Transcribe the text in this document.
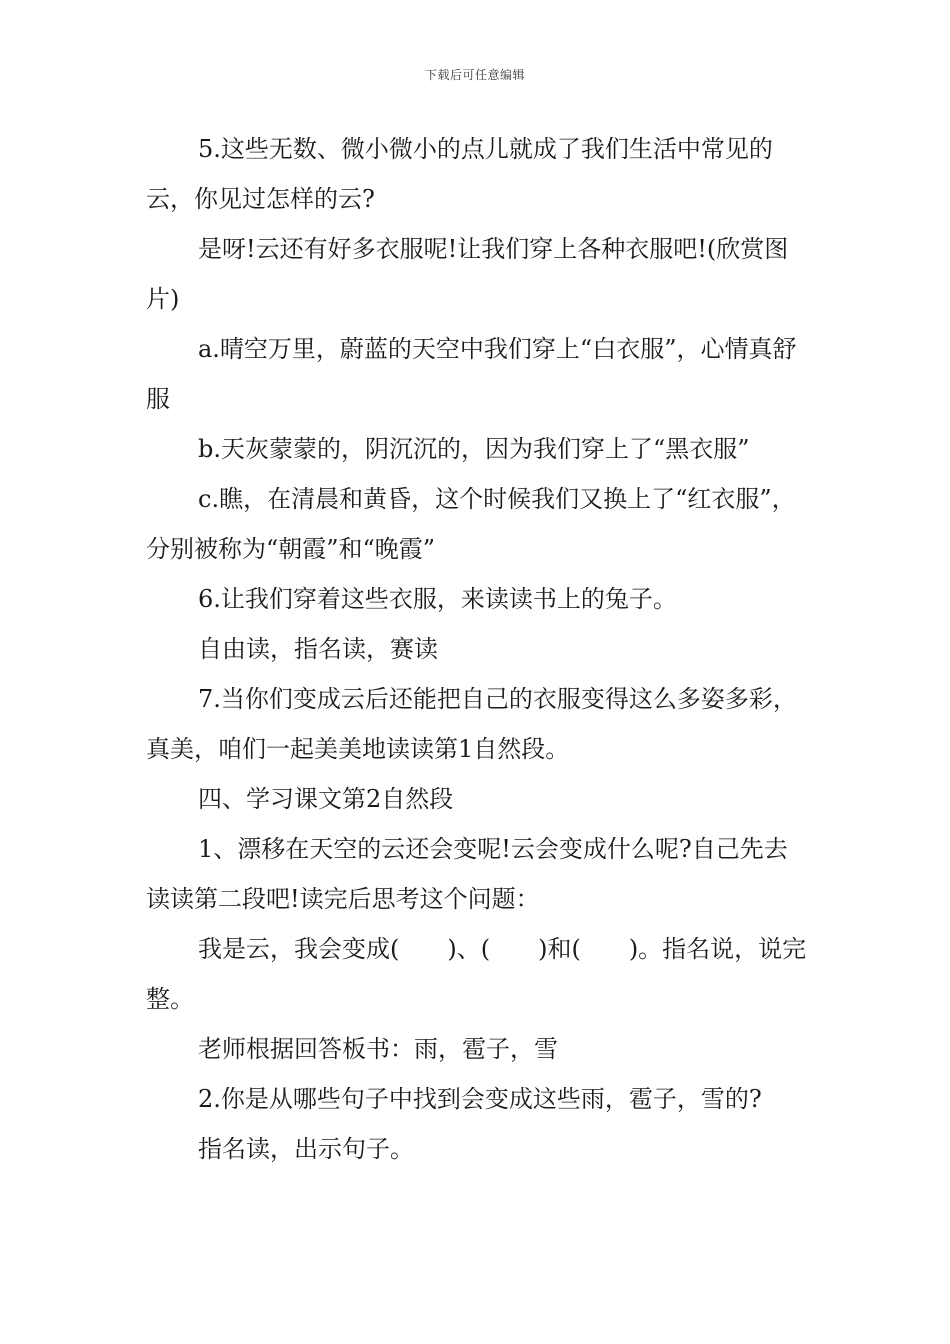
下载后可任意编辑

5.这些无数、微小微小的点儿就成了我们生活中常见的云，你见过怎样的云?

是呀!云还有好多衣服呢!让我们穿上各种衣服吧!(欣赏图片)

a.晴空万里，蔚蓝的天空中我们穿上“白衣服”，心情真舒服

b.天灰蒙蒙的，阴沉沉的，因为我们穿上了“黑衣服”

c.瞧，在清晨和黄昏，这个时候我们又换上了“红衣服”，分别被称为“朝霞”和“晚霞”

6.让我们穿着这些衣服，来读读书上的兔子。

自由读，指名读，赛读

7.当你们变成云后还能把自己的衣服变得这么多姿多彩，真美，咱们一起美美地读读第1自然段。

四、学习课文第2自然段

1、漂移在天空的云还会变呢!云会变成什么呢?自己先去读读第二段吧!读完后思考这个问题：

我是云，我会变成(　　)、(　　)和(　　)。指名说，说完整。

老师根据回答板书：雨，雹子，雪

2.你是从哪些句子中找到会变成这些雨，雹子，雪的?

指名读，出示句子。
